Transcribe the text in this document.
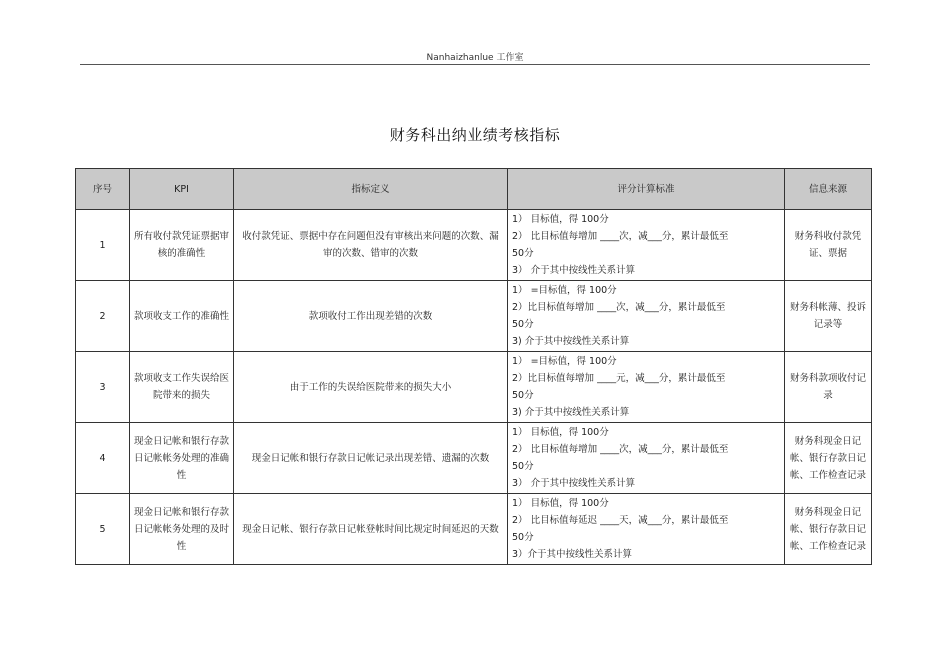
Nanhaizhanlue 工作室
财务科出纳业绩考核指标
序号	KPI	指标定义	评分计算标准	信息来源
1	所有收付款凭证票据审核的准确性	收付款凭证、票据中存在问题但没有审核出来问题的次数、漏审的次数、错审的次数	1） 目标值，得 100分
2） 比目标值每增加 ____次，减___分，累计最低至
50分
3） 介于其中按线性关系计算	财务科收付款凭证、票据
2	款项收支工作的准确性	款项收付工作出现差错的次数	1） =目标值，得 100分
2）比目标值每增加 ____次，减___分，累计最低至
50分
3) 介于其中按线性关系计算	财务科帐薄、投诉记录等
3	款项收支工作失误给医院带来的损失	由于工作的失误给医院带来的损失大小	1） =目标值，得 100分
2）比目标值每增加 ____元，减___分，累计最低至
50分
3) 介于其中按线性关系计算	财务科款项收付记录
4	现金日记帐和银行存款日记帐帐务处理的准确性	现金日记帐和银行存款日记帐记录出现差错、遗漏的次数	1） 目标值，得 100分
2） 比目标值每增加 ____次，减___分，累计最低至
50分
3） 介于其中按线性关系计算	财务科现金日记帐、银行存款日记帐、工作检查记录
5	现金日记帐和银行存款日记帐帐务处理的及时性	现金日记帐、银行存款日记帐登帐时间比规定时间延迟的天数	1） 目标值，得 100分
2） 比目标值每延迟 ____天，减___分，累计最低至
50分
3）介于其中按线性关系计算	财务科现金日记帐、银行存款日记帐、工作检查记录
